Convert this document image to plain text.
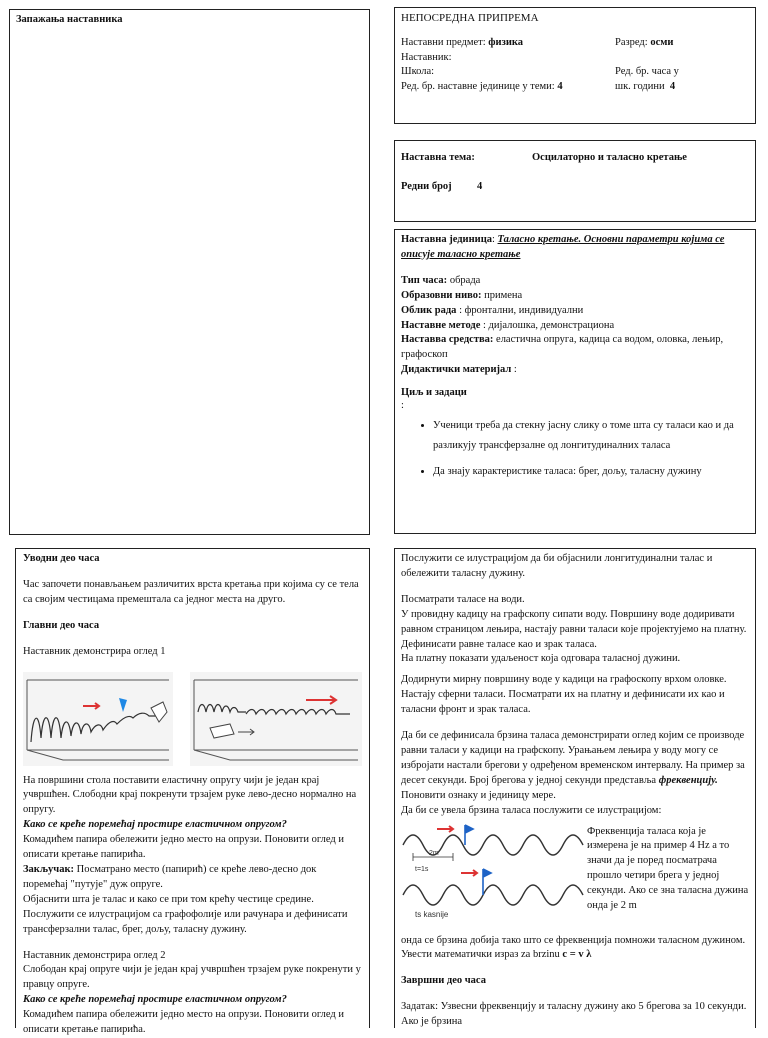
Запажања наставника	НЕПОСРЕДНА ПРИПРЕМА

Наставни предмет: физика	Разред: осми
Наставник:
Школа:	Ред. бр. часа у
Ред. бр. наставне јединице у теми: 4	шк. години 4
Наставна тема:	Осцилаторно и таласно кретање
Редни број	4

Наставна јединица: Таласно кретање. Основни параметри којима се описује таласно кретање

Тип часа: обрада

Образовни ниво: примена

Облик рада : фронтални, индивидуални

Наставне методе : дијалошка, демонстрациона

Наставва средства: еластична опруга, кадица са водом, оловка, лењир, графоскоп

Дидактички материјал :

Циљ и задаци

:

• Ученици треба да стекну јасну слику о томе шта су таласи као и да разликују трансферзалне од лонгитудиналних таласа
• Да знају карактеристике таласа: брег, дољу, таласну дужину

Уводни део часа

Час започети понављањем различитих врста кретања при којима су се тела са својим честицама премештала са једног места на друго.

Главни део часа

Наставник демонстрира оглед 1

На површини стола поставити еластичну опругу чији је један крај учвршћен. Слободни крај покренути трзајем руке лево-десно нормално на опругу.

Како се креће поремећај простире еластичном опругом?

Комадићем папира обележити једно место на опрузи. Поновити оглед и описати кретање папирића.

Закључак: Посматрано место (папирић) се креће лево-десно док поремећај "путује" дуж опруге.

Објаснити шта је талас и како се при том крећу честице средине.

Послужити се илустрацијом са графофолије или рачунара и дефинисати трансферзални талас, брег, дољу, таласну дужину.

Наставник демонстрира оглед 2

Слободан крај опруге чији је један крај учвршћен трзајем руке покренути у правцу опруге.

Како се креће поремећај простире еластичном опругом?

Комадићем папира обележити једно место на опрузи. Поновити оглед и описати кретање папирића.

Послужити се илустрацијом да би објаснили лонгитудинални талас и обележити таласну дужину.

Посматрати таласе на води.

У провидну кадицу на графскопу сипати воду. Површину воде додиривати равном страницом лењира, настају равни таласи које пројектујемо на платну.

Дефинисати равне таласе као и зрак таласа.

На платну показати удаљеност која одговара таласној дужини.

Додирнути мирну површину воде у кадици на графоскопу врхом оловке. Настају сферни таласи. Посматрати их на платну и дефинисати их као и таласни фронт и зрак таласа.

Да би се дефинисала брзина таласа демонстрирати оглед којим се производе равни таласи у кадици на графскопу. Урањањем лењира у воду могу се избројати настали брегови у одређеном временском интервалу. На пример за десет секунди. Број брегова у једној секунди представља фреквенцију. Поновити ознаку и јединицу мере.

Да би се увела брзина таласа послужити се илустрацијом:

2m
t=1s
ts kasnije

Фреквенција таласа која је измерена је на пример 4 Hz а то значи да је поред посматрача прошло четири брега у једној секунди. Ако се зна таласна дужина онда је 2 m

онда се брзина добија тако што се фреквенција помножи таласном дужином.

Увести математички израз za brzinu c = v λ

Завршни део часа

Задатак: Узвесни фреквенцију и таласну дужину ако 5 брегова за 10 секунди. Ако је брзина
